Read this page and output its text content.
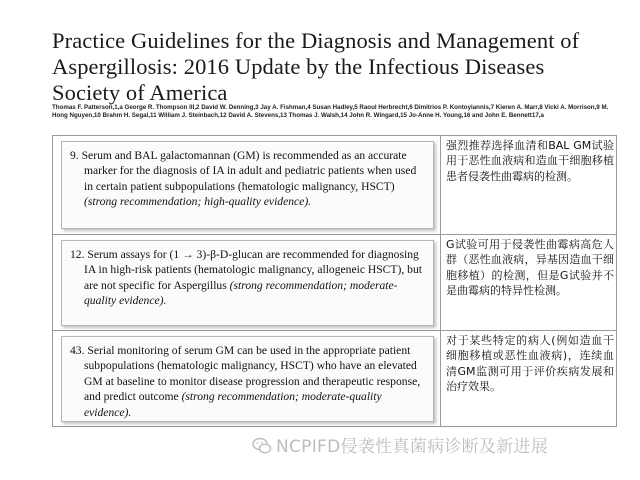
Practice Guidelines for the Diagnosis and Management of Aspergillosis: 2016 Update by the Infectious Diseases Society of America
Thomas F. Patterson,1,a George R. Thompson III,2 David W. Denning,3 Jay A. Fishman,4 Susan Hadley,5 Raoul Herbrecht,6 Dimitrios P. Kontoyiannis,7 Kieren A. Marr,8 Vicki A. Morrison,9 M. Hong Nguyen,10 Brahm H. Segal,11 William J. Steinbach,12 David A. Stevens,13 Thomas J. Walsh,14 John R. Wingard,15 Jo-Anne H. Young,16 and John E. Bennett17,a

9. Serum and BAL galactomannan (GM) is recommended as an accurate marker for the diagnosis of IA in adult and pediatric patients when used in certain patient subpopulations (hematologic malignancy, HSCT) (strong recommendation; high-quality evidence).

强烈推荐选择血清和BAL GM试验用于恶性血液病和造血干细胞移植患者侵袭性曲霉病的检测。

12. Serum assays for (1 → 3)-β-D-glucan are recommended for diagnosing IA in high-risk patients (hematologic malignancy, allogeneic HSCT), but are not specific for Aspergillus (strong recommendation; moderate-quality evidence).

G试验可用于侵袭性曲霉病高危人群（恶性血液病，异基因造血干细胞移植）的检测，但是G试验并不是曲霉病的特异性检测。

43. Serial monitoring of serum GM can be used in the appropriate patient subpopulations (hematologic malignancy, HSCT) who have an elevated GM at baseline to monitor disease progression and therapeutic response, and predict outcome (strong recommendation; moderate-quality evidence).

对于某些特定的病人(例如造血干细胞移植或恶性血液病)，连续血清GM监测可用于评价疾病发展和治疗效果。
NCPIFD侵袭性真菌病诊断及新进展
